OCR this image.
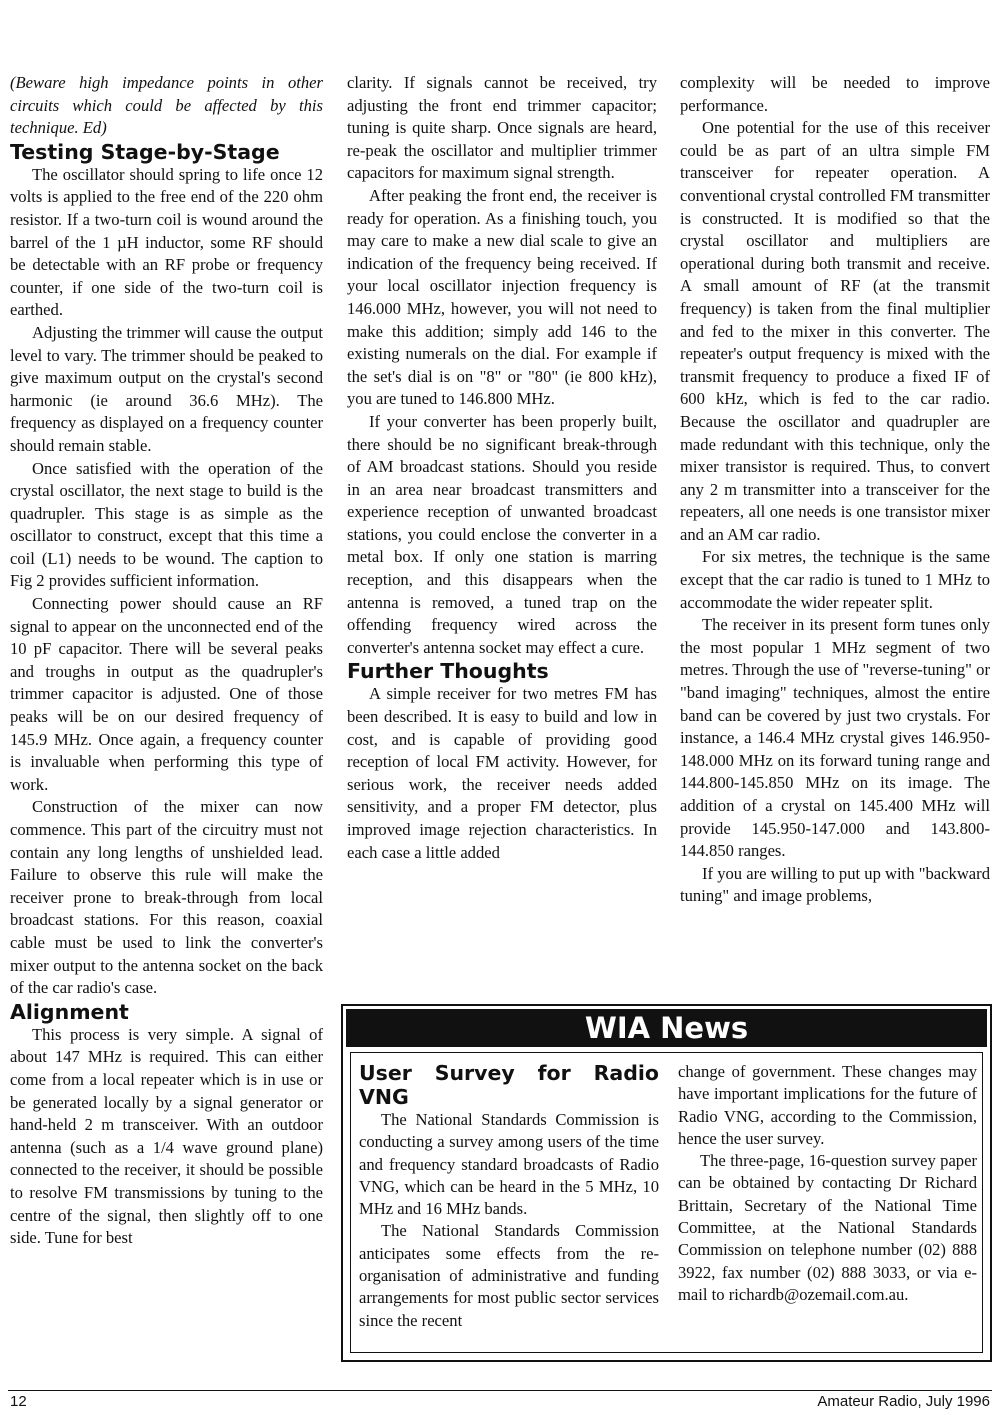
(Beware high impedance points in other circuits which could be affected by this technique. Ed)

Testing Stage-by-Stage

The oscillator should spring to life once 12 volts is applied to the free end of the 220 ohm resistor. If a two-turn coil is wound around the barrel of the 1 µH inductor, some RF should be detectable with an RF probe or frequency counter, if one side of the two-turn coil is earthed.

Adjusting the trimmer will cause the output level to vary. The trimmer should be peaked to give maximum output on the crystal's second harmonic (ie around 36.6 MHz). The frequency as displayed on a frequency counter should remain stable.

Once satisfied with the operation of the crystal oscillator, the next stage to build is the quadrupler. This stage is as simple as the oscillator to construct, except that this time a coil (L1) needs to be wound. The caption to Fig 2 provides sufficient information.

Connecting power should cause an RF signal to appear on the unconnected end of the 10 pF capacitor. There will be several peaks and troughs in output as the quadrupler's trimmer capacitor is adjusted. One of those peaks will be on our desired frequency of 145.9 MHz. Once again, a frequency counter is invaluable when performing this type of work.

Construction of the mixer can now commence. This part of the circuitry must not contain any long lengths of unshielded lead. Failure to observe this rule will make the receiver prone to break-through from local broadcast stations. For this reason, coaxial cable must be used to link the converter's mixer output to the antenna socket on the back of the car radio's case.

Alignment

This process is very simple. A signal of about 147 MHz is required. This can either come from a local repeater which is in use or be generated locally by a signal generator or hand-held 2 m transceiver. With an outdoor antenna (such as a 1/4 wave ground plane) connected to the receiver, it should be possible to resolve FM transmissions by tuning to the centre of the signal, then slightly off to one side. Tune for best

clarity. If signals cannot be received, try adjusting the front end trimmer capacitor; tuning is quite sharp. Once signals are heard, re-peak the oscillator and multiplier trimmer capacitors for maximum signal strength.

After peaking the front end, the receiver is ready for operation. As a finishing touch, you may care to make a new dial scale to give an indication of the frequency being received. If your local oscillator injection frequency is 146.000 MHz, however, you will not need to make this addition; simply add 146 to the existing numerals on the dial. For example if the set's dial is on "8" or "80" (ie 800 kHz), you are tuned to 146.800 MHz.

If your converter has been properly built, there should be no significant break-through of AM broadcast stations. Should you reside in an area near broadcast transmitters and experience reception of unwanted broadcast stations, you could enclose the converter in a metal box. If only one station is marring reception, and this disappears when the antenna is removed, a tuned trap on the offending frequency wired across the converter's antenna socket may effect a cure.

Further Thoughts

A simple receiver for two metres FM has been described. It is easy to build and low in cost, and is capable of providing good reception of local FM activity. However, for serious work, the receiver needs added sensitivity, and a proper FM detector, plus improved image rejection characteristics. In each case a little added

complexity will be needed to improve performance.

One potential for the use of this receiver could be as part of an ultra simple FM transceiver for repeater operation. A conventional crystal controlled FM transmitter is constructed. It is modified so that the crystal oscillator and multipliers are operational during both transmit and receive. A small amount of RF (at the transmit frequency) is taken from the final multiplier and fed to the mixer in this converter. The repeater's output frequency is mixed with the transmit frequency to produce a fixed IF of 600 kHz, which is fed to the car radio. Because the oscillator and quadrupler are made redundant with this technique, only the mixer transistor is required. Thus, to convert any 2 m transmitter into a transceiver for the repeaters, all one needs is one transistor mixer and an AM car radio.

For six metres, the technique is the same except that the car radio is tuned to 1 MHz to accommodate the wider repeater split.

The receiver in its present form tunes only the most popular 1 MHz segment of two metres. Through the use of "reverse-tuning" or "band imaging" techniques, almost the entire band can be covered by just two crystals. For instance, a 146.4 MHz crystal gives 146.950-148.000 MHz on its forward tuning range and 144.800-145.850 MHz on its image. The addition of a crystal on 145.400 MHz will provide 145.950-147.000 and 143.800-144.850 ranges.

If you are willing to put up with "backward tuning" and image problems,

WIA News
User Survey for Radio VNG

The National Standards Commission is conducting a survey among users of the time and frequency standard broadcasts of Radio VNG, which can be heard in the 5 MHz, 10 MHz and 16 MHz bands.

The National Standards Commission anticipates some effects from the re-organisation of administrative and funding arrangements for most public sector services since the recent

change of government. These changes may have important implications for the future of Radio VNG, according to the Commission, hence the user survey.

The three-page, 16-question survey paper can be obtained by contacting Dr Richard Brittain, Secretary of the National Time Committee, at the National Standards Commission on telephone number (02) 888 3922, fax number (02) 888 3033, or via e-mail to richardb@ozemail.com.au.

12	Amateur Radio, July 1996
